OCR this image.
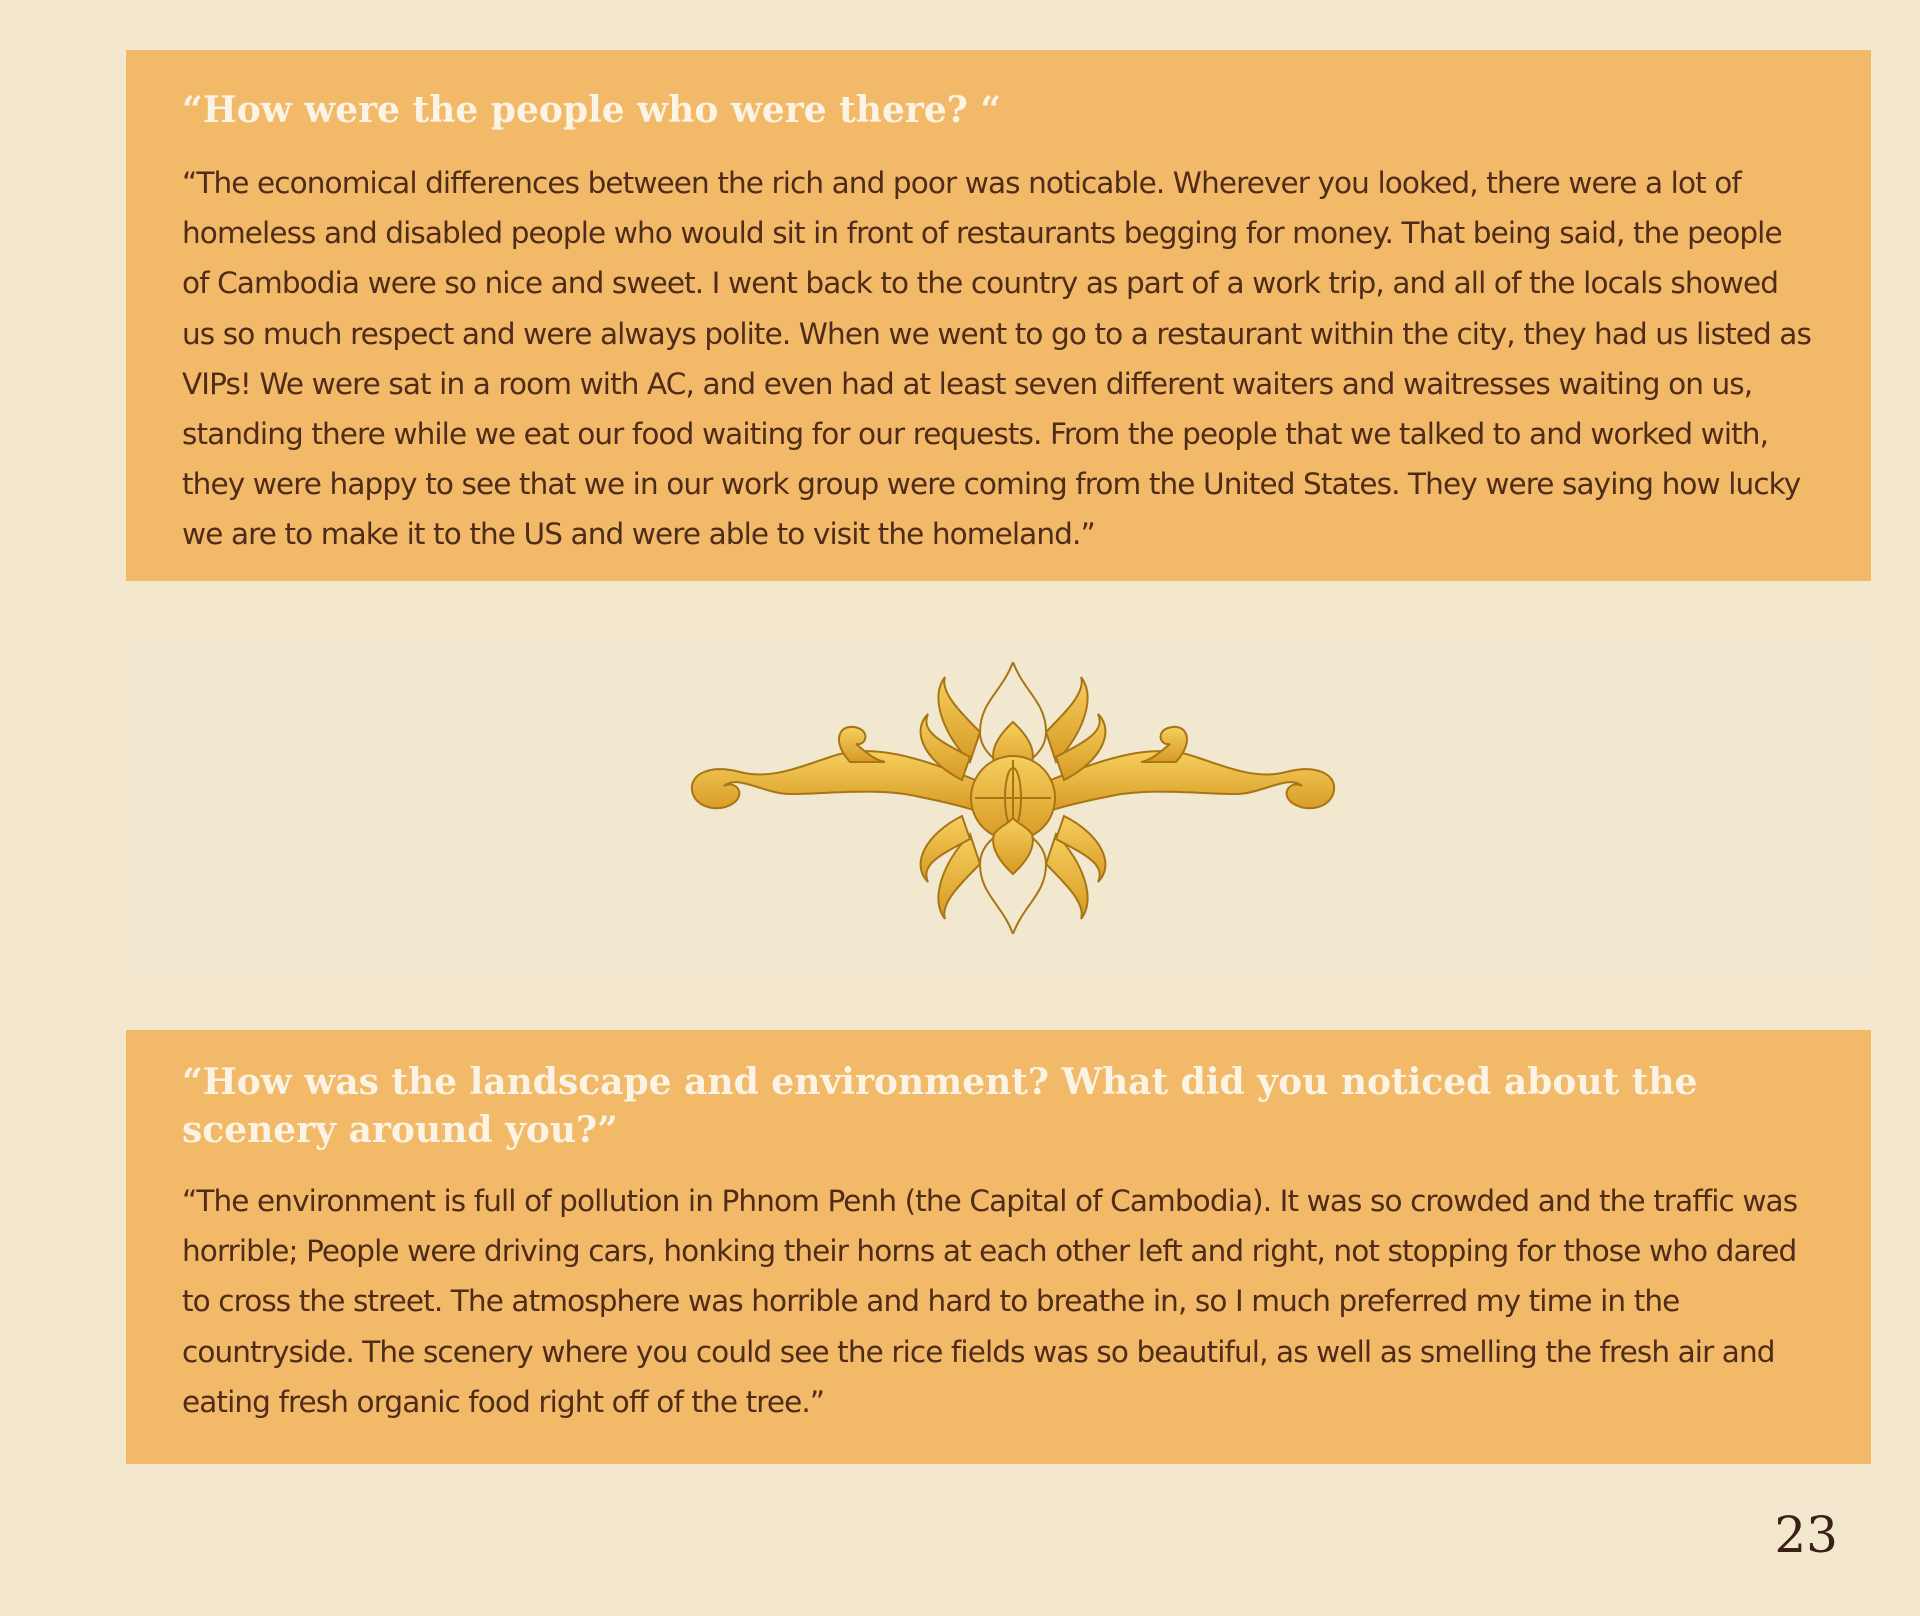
“How were the people who were there? “

“The economical differences between the rich and poor was noticable. Wherever you looked, there were a lot of homeless and disabled people who would sit in front of restaurants begging for money. That being said, the people of Cambodia were so nice and sweet. I went back to the country as part of a work trip, and all of the locals showed us so much respect and were always polite. When we went to go to a restaurant within the city, they had us listed as VIPs! We were sat in a room with AC, and even had at least seven different waiters and waitresses waiting on us, standing there while we eat our food waiting for our requests. From the people that we talked to and worked with, they were happy to see that we in our work group were coming from the United States. They were saying how lucky we are to make it to the US and were able to visit the homeland.”

“How was the landscape and environment? What did you noticed about the scenery around you?”

“The environment is full of pollution in Phnom Penh (the Capital of Cambodia). It was so crowded and the traffic was horrible; People were driving cars, honking their horns at each other left and right, not stopping for those who dared to cross the street. The atmosphere was horrible and hard to breathe in, so I much preferred my time in the countryside. The scenery where you could see the rice fields was so beautiful, as well as smelling the fresh air and eating fresh organic food right off of the tree.”

23
